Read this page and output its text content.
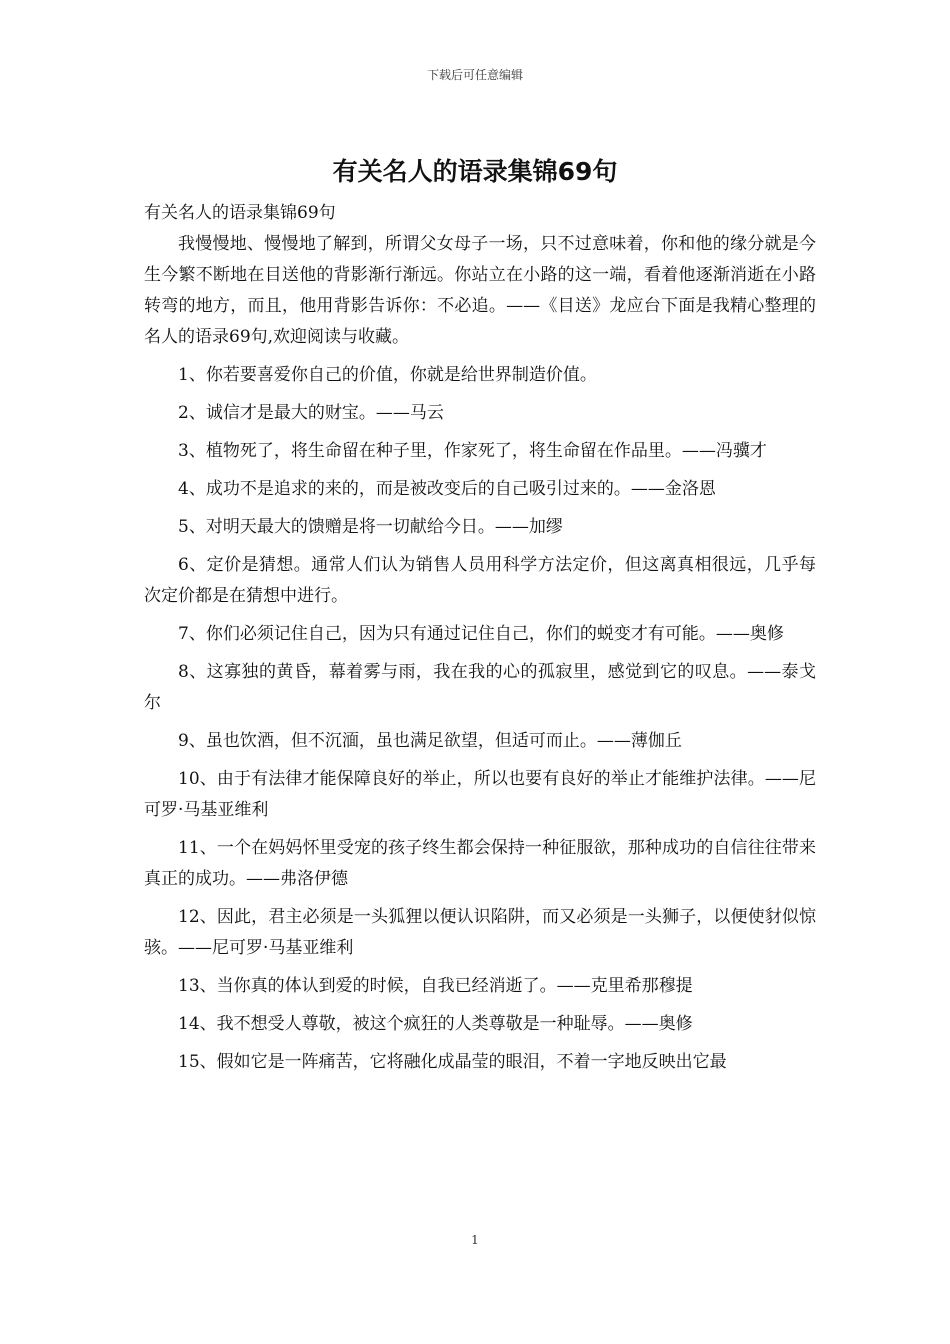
下载后可任意编辑
有关名人的语录集锦69句

有关名人的语录集锦69句

我慢慢地、慢慢地了解到，所谓父女母子一场，只不过意味着，你和他的缘分就是今生今繁不断地在目送他的背影渐行渐远。你站立在小路的这一端，看着他逐渐消逝在小路转弯的地方，而且，他用背影告诉你：不必追。——《目送》龙应台下面是我精心整理的名人的语录69句,欢迎阅读与收藏。

1、你若要喜爱你自己的价值，你就是给世界制造价值。

2、诚信才是最大的财宝。——马云

3、植物死了，将生命留在种子里，作家死了，将生命留在作品里。——冯骥才

4、成功不是追求的来的，而是被改变后的自己吸引过来的。——金洛恩

5、对明天最大的馈赠是将一切献给今日。——加缪

6、定价是猜想。通常人们认为销售人员用科学方法定价，但这离真相很远，几乎每次定价都是在猜想中进行。

7、你们必须记住自己，因为只有通过记住自己，你们的蜕变才有可能。——奥修

8、这寡独的黄昏，幕着雾与雨，我在我的心的孤寂里，感觉到它的叹息。——泰戈尔

9、虽也饮酒，但不沉湎，虽也满足欲望，但适可而止。——薄伽丘

10、由于有法律才能保障良好的举止，所以也要有良好的举止才能维护法律。——尼可罗·马基亚维利

11、一个在妈妈怀里受宠的孩子终生都会保持一种征服欲，那种成功的自信往往带来真正的成功。——弗洛伊德

12、因此，君主必须是一头狐狸以便认识陷阱，而又必须是一头狮子，以便使豺似惊骇。——尼可罗·马基亚维利

13、当你真的体认到爱的时候，自我已经消逝了。——克里希那穆提

14、我不想受人尊敬，被这个疯狂的人类尊敬是一种耻辱。——奥修

15、假如它是一阵痛苦，它将融化成晶莹的眼泪，不着一字地反映出它最

1
